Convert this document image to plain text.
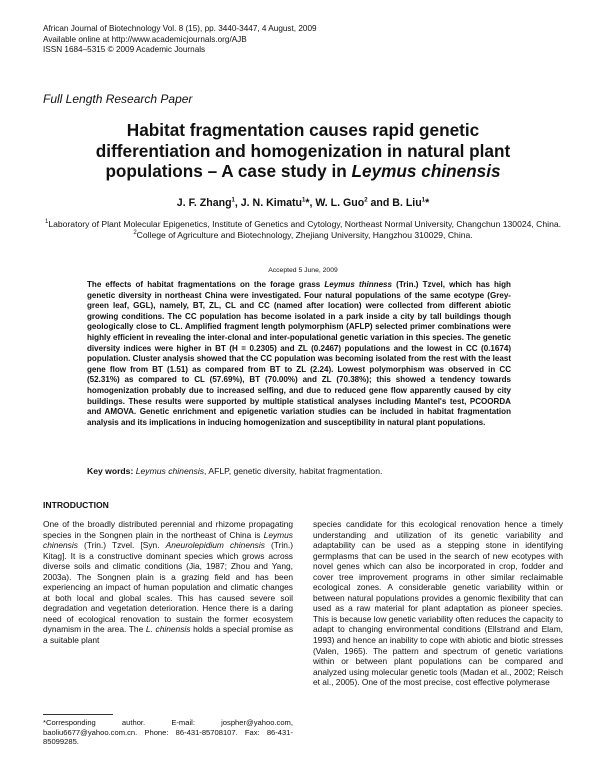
African Journal of Biotechnology Vol. 8 (15), pp. 3440-3447, 4 August, 2009
Available online at http://www.academicjournals.org/AJB
ISSN 1684–5315 © 2009 Academic Journals
Full Length Research Paper
Habitat fragmentation causes rapid genetic
differentiation and homogenization in natural plant
populations – A case study in Leymus chinensis
J. F. Zhang$^1$, J. N. Kimatu$^1$*, W. L. Guo$^2$ and B. Liu$^1$*
$^1$Laboratory of Plant Molecular Epigenetics, Institute of Genetics and Cytology, Northeast Normal University, Changchun 130024, China.
$^2$College of Agriculture and Biotechnology, Zhejiang University, Hangzhou 310029, China.
Accepted 5 June, 2009
The effects of habitat fragmentations on the forage grass Leymus thinness (Trin.) Tzvel, which has high genetic diversity in northeast China were investigated. Four natural populations of the same ecotype (Grey-green leaf, GGL), namely, BT, ZL, CL and CC (named after location) were collected from different abiotic growing conditions. The CC population has become isolated in a park inside a city by tall buildings though geologically close to CL. Amplified fragment length polymorphism (AFLP) selected primer combinations were highly efficient in revealing the inter-clonal and inter-populational genetic variation in this species. The genetic diversity indices were higher in BT (H = 0.2305) and ZL (0.2467) populations and the lowest in CC (0.1674) population. Cluster analysis showed that the CC population was becoming isolated from the rest with the least gene flow from BT (1.51) as compared from BT to ZL (2.24). Lowest polymorphism was observed in CC (52.31%) as compared to CL (57.69%), BT (70.00%) and ZL (70.38%); this showed a tendency towards homogenization probably due to increased selfing, and due to reduced gene flow apparently caused by city buildings. These results were supported by multiple statistical analyses including Mantel's test, PCOORDA and AMOVA. Genetic enrichment and epigenetic variation studies can be included in habitat fragmentation analysis and its implications in inducing homogenization and susceptibility in natural plant populations.
Key words: Leymus chinensis, AFLP, genetic diversity, habitat fragmentation.
INTRODUCTION

One of the broadly distributed perennial and rhizome propagating species in the Songnen plain in the northeast of China is Leymus chinensis (Trin.) Tzvel. [Syn. Aneurolepidium chinensis (Trin.) Kitag]. It is a constructive dominant species which grows across diverse soils and climatic conditions (Jia, 1987; Zhou and Yang, 2003a). The Songnen plain is a grazing field and has been experiencing an impact of human population and climatic changes at both local and global scales. This has caused severe soil degradation and vegetation deterioration. Hence there is a daring need of ecological renovation to sustain the former ecosystem dynamism in the area. The L. chinensis holds a special promise as a suitable plant

species candidate for this ecological renovation hence a timely understanding and utilization of its genetic variability and adaptability can be used as a stepping stone in identifying germplasms that can be used in the search of new ecotypes with novel genes which can also be incorporated in crop, fodder and cover tree improvement programs in other similar reclaimable ecological zones. A considerable genetic variability within or between natural populations provides a genomic flexibility that can used as a raw material for plant adaptation as pioneer species. This is because low genetic variability often reduces the capacity to adapt to changing environmental conditions (Ellstrand and Elam, 1993) and hence an inability to cope with abiotic and biotic stresses (Valen, 1965). The pattern and spectrum of genetic variations within or between plant populations can be compared and analyzed using molecular genetic tools (Madan et al., 2002; Reisch et al., 2005). One of the most precise, cost effective polymerase

*Corresponding author. E-mail: jospher@yahoo.com, baoliu6677@yahoo.com.cn. Phone: 86-431-85708107. Fax: 86-431-85099285.
